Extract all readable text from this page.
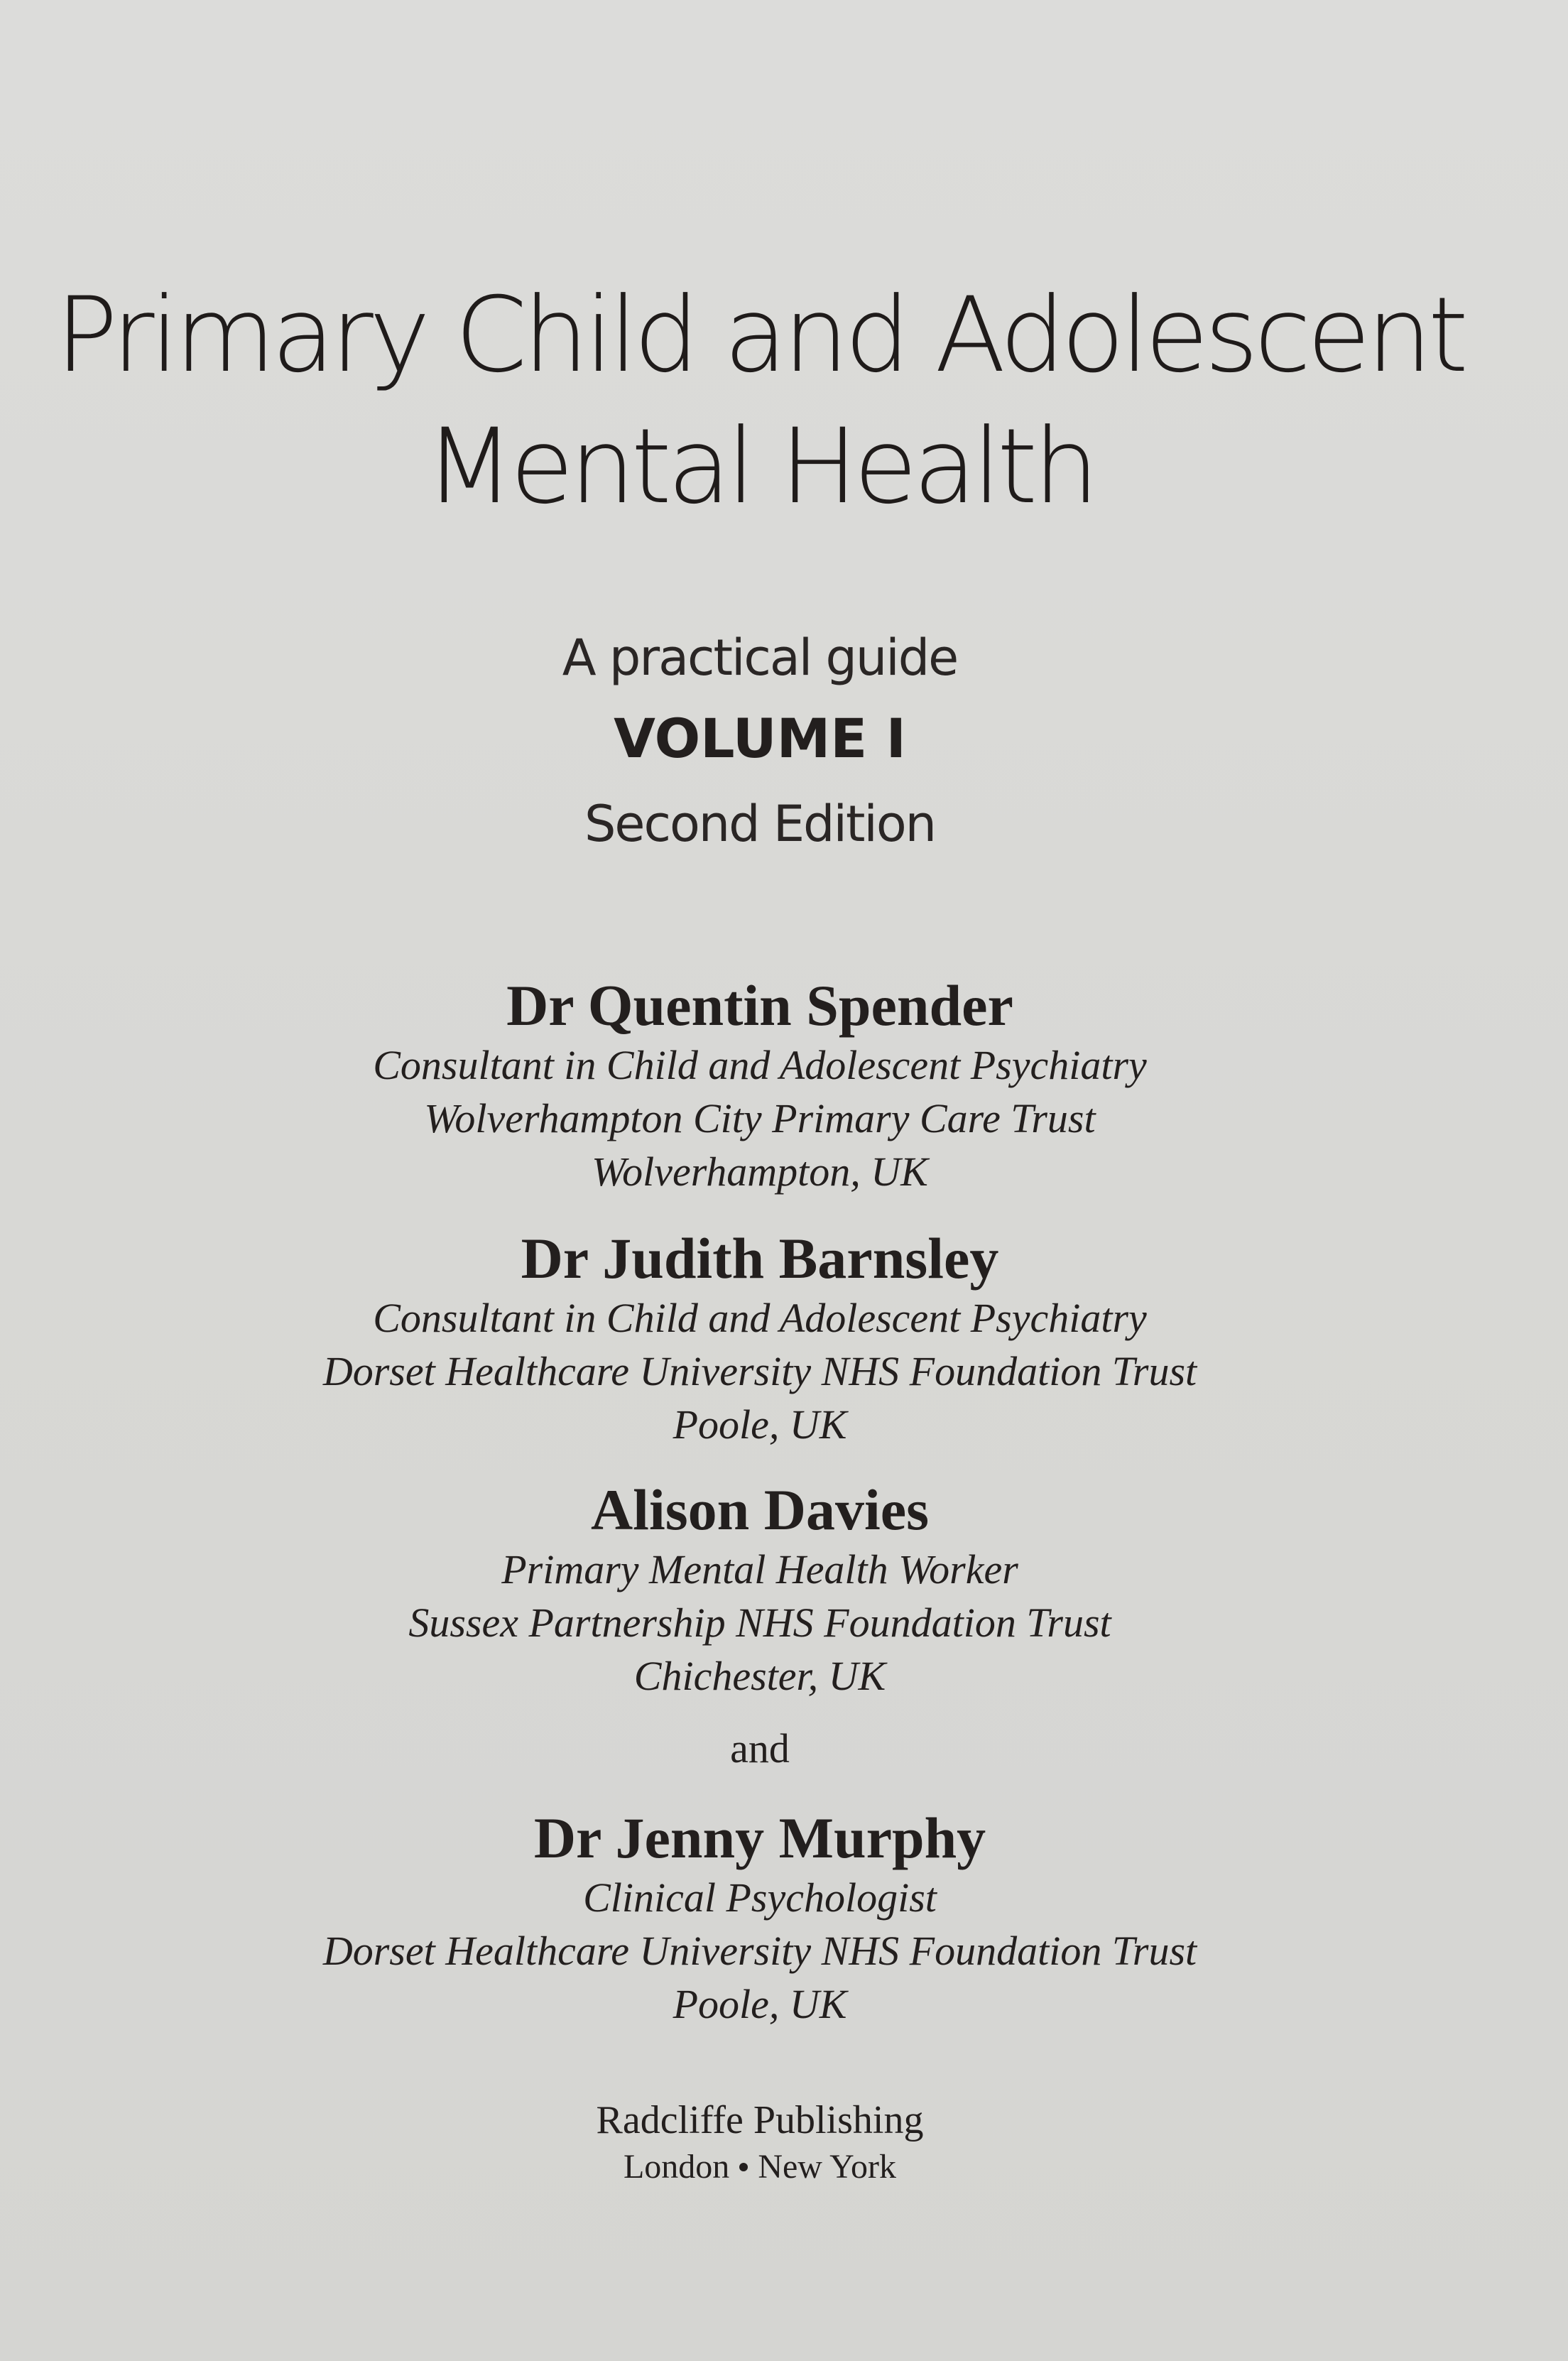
Primary Child and Adolescent
Mental Health
A practical guide
VOLUME I
Second Edition
Dr Quentin Spender
Consultant in Child and Adolescent Psychiatry
Wolverhampton City Primary Care Trust
Wolverhampton, UK
Dr Judith Barnsley
Consultant in Child and Adolescent Psychiatry
Dorset Healthcare University NHS Foundation Trust
Poole, UK
Alison Davies
Primary Mental Health Worker
Sussex Partnership NHS Foundation Trust
Chichester, UK
and
Dr Jenny Murphy
Clinical Psychologist
Dorset Healthcare University NHS Foundation Trust
Poole, UK
Radcliffe Publishing
London New York
